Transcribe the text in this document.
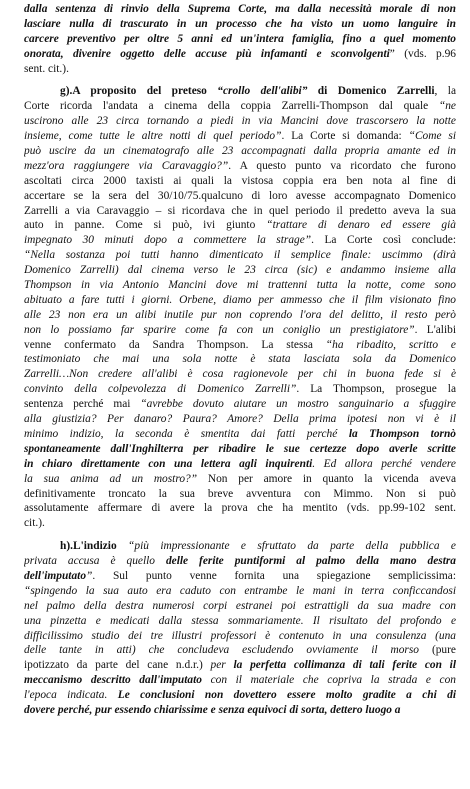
dalla sentenza di rinvio della Suprema Corte, ma dalla necessità morale di non
lasciare nulla di trascurato in un processo che ha visto un uomo languire in
carcere preventivo per oltre 5 anni ed un'intera famiglia, fino a quel momento
onorata, divenire oggetto delle accuse più infamanti e sconvolgenti” (vds. p.96
sent. cit.).
g).A proposito del preteso “crollo dell'alibi” di Domenico Zarrelli, la
Corte ricorda l'andata a cinema della coppia Zarrelli-Thompson dal quale “ne
uscirono alle 23 circa tornando a piedi in via Mancini dove trascorsero la notte
insieme, come tutte le altre notti di quel periodo”. La Corte si domanda: “Come si
può uscire da un cinematografo alle 23 accompagnati dalla propria amante ed in
mezz'ora raggiungere via Caravaggio?”. A questo punto va ricordato che furono
ascoltati circa 2000 taxisti ai quali la vistosa coppia era ben nota al fine di
accertare se la sera del 30/10/75.qualcuno di loro avesse accompagnato Domenico
Zarrelli a via Caravaggio – si ricordava che in quel periodo il predetto aveva la sua
auto in panne. Come si può, ivi giunto “trattare di denaro ed essere già
impegnato 30 minuti dopo a commettere la strage”. La Corte così conclude:
“Nella sostanza poi tutti hanno dimenticato il semplice finale: uscimmo (dirà
Domenico Zarrelli) dal cinema verso le 23 circa (sic) e andammo insieme alla
Thompson in via Antonio Mancini dove mi trattenni tutta la notte, come sono
abituato a fare tutti i giorni. Orbene, diamo per ammesso che il film visionato fino
alle 23 non era un alibi inutile pur non coprendo l'ora del delitto, il resto però
non lo possiamo far sparire come fa con un coniglio un prestigiatore”. L'alibi
venne confermato da Sandra Thompson. La stessa “ha ribadito, scritto e
testimoniato che mai una sola notte è stata lasciata sola da Domenico
Zarrelli…Non credere all'alibi è cosa ragionevole per chi in buona fede si è
convinto della colpevolezza di Domenico Zarrelli”. La Thompson, prosegue la
sentenza perché mai “avrebbe dovuto aiutare un mostro sanguinario a sfuggire
alla giustizia? Per danaro? Paura? Amore? Della prima ipotesi non vi è il
minimo indizio, la seconda è smentita dai fatti perché la Thompson tornò
spontaneamente dall'Inghilterra per ribadire le sue certezze dopo averle scritte
in chiaro direttamente con una lettera agli inquirenti. Ed allora perché vendere
la sua anima ad un mostro?” Non per amore in quanto la vicenda aveva
definitivamente troncato la sua breve avventura con Mimmo. Non si può
assolutamente affermare di avere la prova che ha mentito (vds. pp.99-102 sent.
cit.).
h).L'indizio “più impressionante e sfruttato da parte della pubblica e
privata accusa è quello delle ferite puntiformi al palmo della mano destra
dell'imputato”. Sul punto venne fornita una spiegazione semplicissima:
“spingendo la sua auto era caduto con entrambe le mani in terra conficcandosi
nel palmo della destra numerosi corpi estranei poi estrattigli da sua madre con
una pinzetta e medicati dalla stessa sommariamente. Il risultato del profondo e
difficilissimo studio dei tre illustri professori è contenuto in una consulenza (una
delle tante in atti) che concludeva escludendo ovviamente il morso (pure
ipotizzato da parte del cane n.d.r.) per la perfetta collimanza di tali ferite con il
meccanismo descritto dall'imputato con il materiale che copriva la strada e con
l'epoca indicata. Le conclusioni non dovettero essere molto gradite a chi di
dovere perché, pur essendo chiarissime e senza equivoci di sorta, dettero luogo a
